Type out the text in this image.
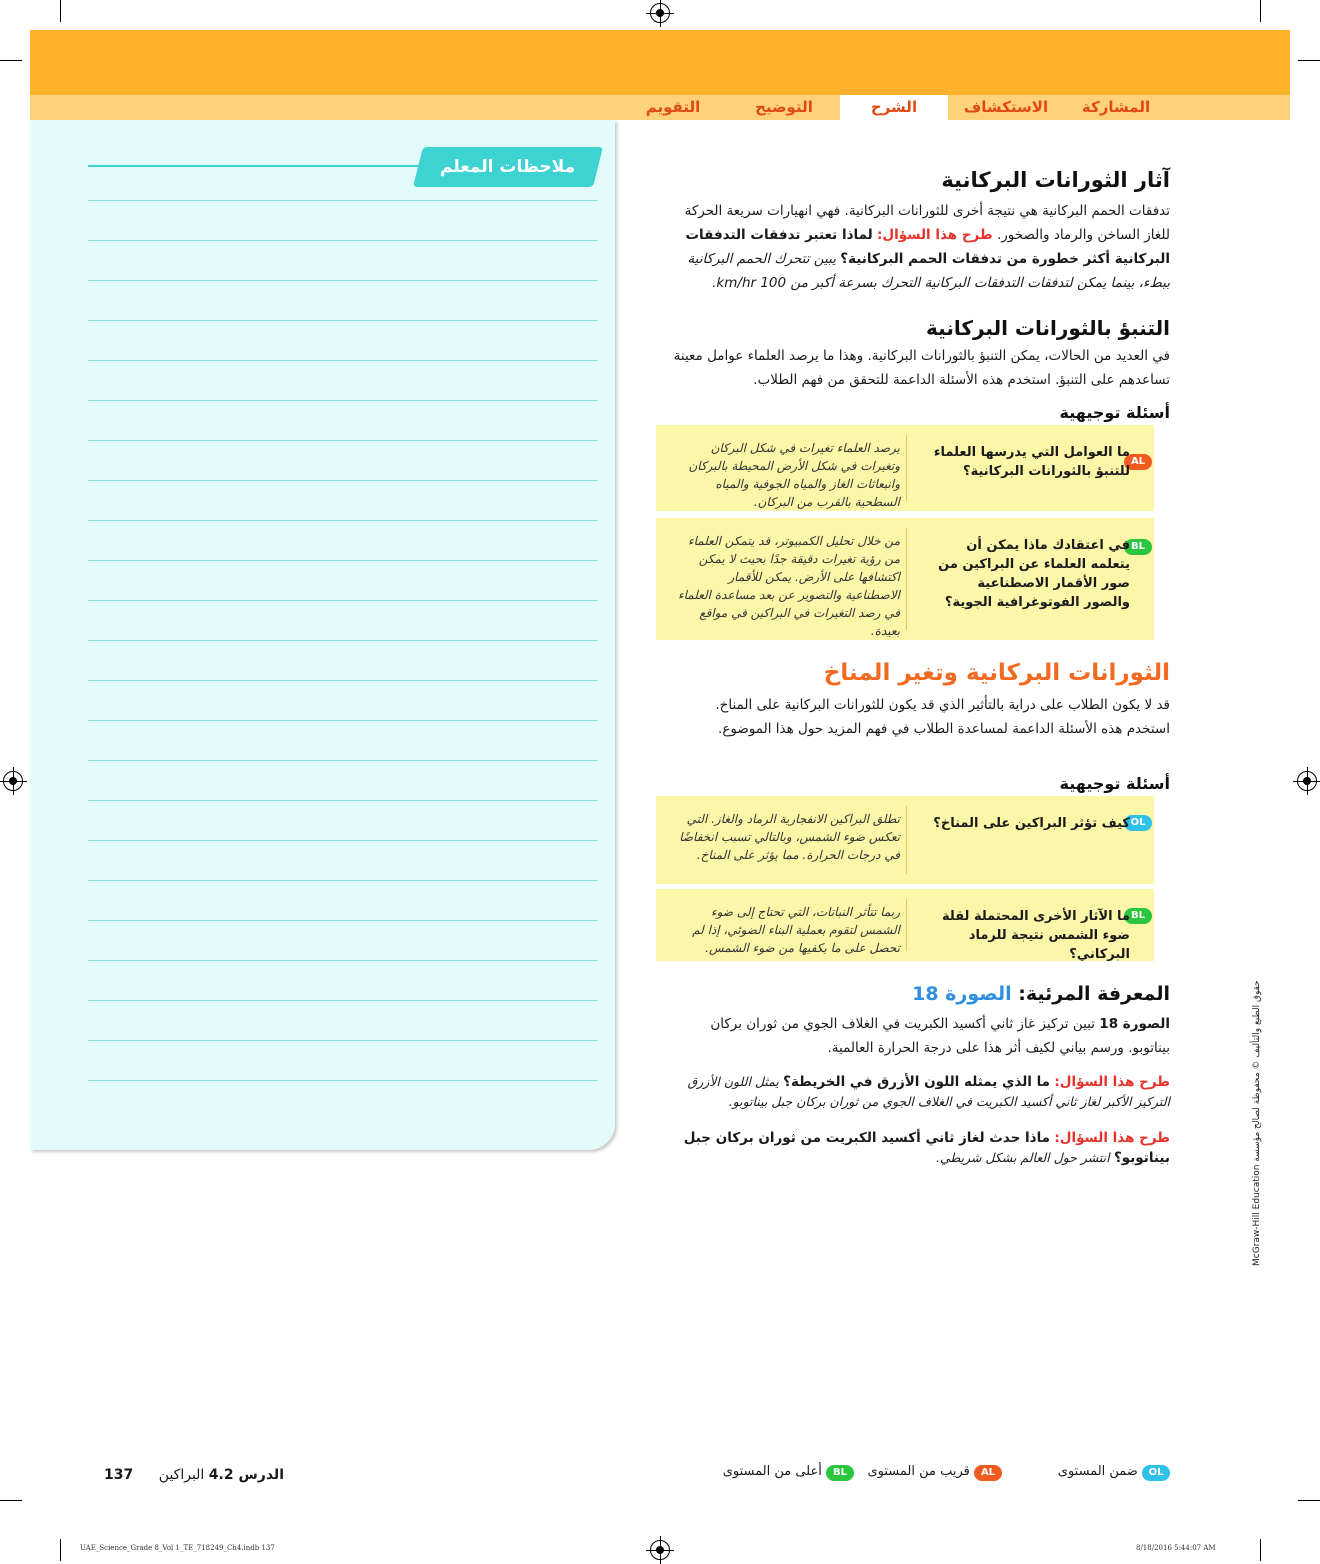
المشاركة
الاستكشاف
الشرح
التوضيح
التقويم
ملاحظات المعلم
آثار الثورانات البركانية
تدفقات الحمم البركانية هي نتيجة أخرى للثورانات البركانية. فهي انهيارات سريعة الحركة للغاز الساخن والرماد والصخور. طرح هذا السؤال: لماذا تعتبر تدفقات التدفقات البركانية أكثر خطورة من تدفقات الحمم البركانية؟ يبين تتحرك الحمم البركانية ببطء، بينما يمكن لتدفقات التدفقات البركانية التحرك بسرعة أكبر من 100 km/hr.
التنبؤ بالثورانات البركانية
في العديد من الحالات، يمكن التنبؤ بالثورانات البركانية. وهذا ما يرصد العلماء عوامل معينة تساعدهم على التنبؤ. استخدم هذه الأسئلة الداعمة للتحقق من فهم الطلاب.
أسئلة توجيهية
AL
ما العوامل التي يدرسها العلماء للتنبؤ بالثورانات البركانية؟
يرصد العلماء تغيرات في شكل البركان وتغيرات في شكل الأرض المحيطة بالبركان وانبعاثات الغاز والمياه الجوفية والمياه السطحية بالقرب من البركان.
BL
في اعتقادك ماذا يمكن أن يتعلمه العلماء عن البراكين من صور الأقمار الاصطناعية والصور الفوتوغرافية الجوية؟
من خلال تحليل الكمبيوتر، قد يتمكن العلماء من رؤية تغيرات دقيقة جدًا بحيث لا يمكن اكتشافها على الأرض. يمكن للأقمار الاصطناعية والتصوير عن بعد مساعدة العلماء في رصد التغيرات في البراكين في مواقع بعيدة.
الثورانات البركانية وتغير المناخ
قد لا يكون الطلاب على دراية بالتأثير الذي قد يكون للثورانات البركانية على المناخ. استخدم هذه الأسئلة الداعمة لمساعدة الطلاب في فهم المزيد حول هذا الموضوع.
أسئلة توجيهية
OL
كيف تؤثر البراكين على المناخ؟
تطلق البراكين الانفجارية الرماد والغاز. التي تعكس ضوء الشمس، وبالتالي تسبب انخفاضًا في درجات الحرارة. مما يؤثر على المناخ.
BL
ما الآثار الأخرى المحتملة لقلة ضوء الشمس نتيجة للرماد البركاني؟
ربما تتأثر النباتات، التي تحتاج إلى ضوء الشمس لتقوم بعملية البناء الضوئي، إذا لم تحصل على ما يكفيها من ضوء الشمس.
المعرفة المرئية: الصورة 18
الصورة 18 تبين تركيز غاز ثاني أكسيد الكبريت في الغلاف الجوي من ثوران بركان بيناتوبو. ورسم بياني لكيف أثر هذا على درجة الحرارة العالمية.
طرح هذا السؤال: ما الذي يمثله اللون الأزرق في الخريطة؟ يمثل اللون الأزرق التركيز الأكبر لغاز ثاني أكسيد الكبريت في الغلاف الجوي من ثوران بركان جبل بيناتوبو.
طرح هذا السؤال: ماذا حدث لغاز ثاني أكسيد الكبريت من ثوران بركان جبل بيناتوبو؟ انتشر حول العالم بشكل شريطي.
McGraw-Hill Education حقوق الطبع والتأليف © محفوظة لصالح مؤسسة
الدرس 4.2 البراكين
137	OL ضمن المستوى
AL قريب من المستوى
BL أعلى من المستوى
UAE_Science_Grade 8_Vol 1_TE_718249_Ch4.indb 137	8/18/2016 5:44:07 AM
